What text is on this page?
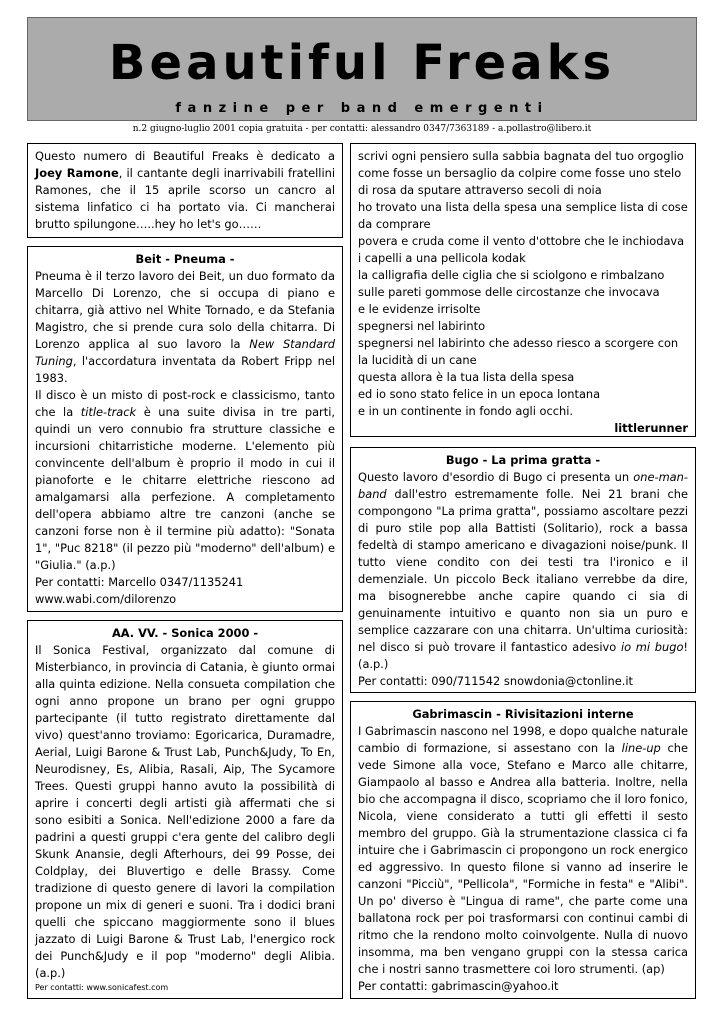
Beautiful Freaks
fanzine per band emergenti
n.2 giugno-luglio 2001 copia gratuita - per contatti: alessandro 0347/7363189 - a.pollastro@libero.it

Questo numero di Beautiful Freaks è dedicato a Joey Ramone, il cantante degli inarrivabili fratellini Ramones, che il 15 aprile scorso un cancro al sistema linfatico ci ha portato via. Ci mancherai brutto spilungone…..hey ho let's go……

Beit - Pneuma -

Pneuma è il terzo lavoro dei Beit, un duo formato da Marcello Di Lorenzo, che si occupa di piano e chitarra, già attivo nel White Tornado, e da Stefania Magistro, che si prende cura solo della chitarra. Di Lorenzo applica al suo lavoro la New Standard Tuning, l'accordatura inventata da Robert Fripp nel 1983.

Il disco è un misto di post-rock e classicismo, tanto che la title-track è una suite divisa in tre parti, quindi un vero connubio fra strutture classiche e incursioni chitarristiche moderne. L'elemento più convincente dell'album è proprio il modo in cui il pianoforte e le chitarre elettriche riescono ad amalgamarsi alla perfezione. A completamento dell'opera abbiamo altre tre canzoni (anche se canzoni forse non è il termine più adatto): "Sonata 1", "Puc 8218" (il pezzo più "moderno" dell'album) e "Giulia." (a.p.)

Per contatti: Marcello 0347/1135241

www.wabi.com/dilorenzo

AA. VV. - Sonica 2000 -

Il Sonica Festival, organizzato dal comune di Misterbianco, in provincia di Catania, è giunto ormai alla quinta edizione. Nella consueta compilation che ogni anno propone un brano per ogni gruppo partecipante (il tutto registrato direttamente dal vivo) quest'anno troviamo: Egoricarica, Duramadre, Aerial, Luigi Barone & Trust Lab, Punch&Judy, To En, Neurodisney, Es, Alibia, Rasali, Aip, The Sycamore Trees. Questi gruppi hanno avuto la possibilità di aprire i concerti degli artisti già affermati che si sono esibiti a Sonica. Nell'edizione 2000 a fare da padrini a questi gruppi c'era gente del calibro degli Skunk Anansie, degli Afterhours, dei 99 Posse, dei Coldplay, dei Bluvertigo e delle Brassy. Come tradizione di questo genere di lavori la compilation propone un mix di generi e suoni. Tra i dodici brani quelli che spiccano maggiormente sono il blues jazzato di Luigi Barone & Trust Lab, l'energico rock dei Punch&Judy e il pop "moderno" degli Alibia. (a.p.)

Per contatti: www.sonicafest.com

scrivi ogni pensiero sulla sabbia bagnata del tuo orgoglio

come fosse un bersaglio da colpire come fosse uno stelo di rosa da sputare attraverso secoli di noia

ho trovato una lista della spesa una semplice lista di cose da comprare

povera e cruda come il vento d'ottobre che le inchiodava i capelli a una pellicola kodak

la calligrafia delle ciglia che si sciolgono e rimbalzano sulle pareti gommose delle circostanze che invocava

e le evidenze irrisolte

spegnersi nel labirinto

spegnersi nel labirinto che adesso riesco a scorgere con la lucidità di un cane

questa allora è la tua lista della spesa

ed io sono stato felice in un epoca lontana

e in un continente in fondo agli occhi.

littlerunner

Bugo - La prima gratta -

Questo lavoro d'esordio di Bugo ci presenta un one-man-band dall'estro estremamente folle. Nei 21 brani che compongono "La prima gratta", possiamo ascoltare pezzi di puro stile pop alla Battisti (Solitario), rock a bassa fedeltà di stampo americano e divagazioni noise/punk. Il tutto viene condito con dei testi tra l'ironico e il demenziale. Un piccolo Beck italiano verrebbe da dire, ma bisognerebbe anche capire quando ci sia di genuinamente intuitivo e quanto non sia un puro e semplice cazzarare con una chitarra. Un'ultima curiosità: nel disco si può trovare il fantastico adesivo io mi bugo! (a.p.)

Per contatti: 090/711542 snowdonia@ctonline.it

Gabrimascin - Rivisitazioni interne

I Gabrimascin nascono nel 1998, e dopo qualche naturale cambio di formazione, si assestano con la line-up che vede Simone alla voce, Stefano e Marco alle chitarre, Giampaolo al basso e Andrea alla batteria. Inoltre, nella bio che accompagna il disco, scopriamo che il loro fonico, Nicola, viene considerato a tutti gli effetti il sesto membro del gruppo. Già la strumentazione classica ci fa intuire che i Gabrimascin ci propongono un rock energico ed aggressivo. In questo filone si vanno ad inserire le canzoni "Picciù", "Pellicola", "Formiche in festa" e "Alibi". Un po' diverso è "Lingua di rame", che parte come una ballatona rock per poi trasformarsi con continui cambi di ritmo che la rendono molto coinvolgente. Nulla di nuovo insomma, ma ben vengano gruppi con la stessa carica che i nostri sanno trasmettere coi loro strumenti. (ap)

Per contatti: gabrimascin@yahoo.it
